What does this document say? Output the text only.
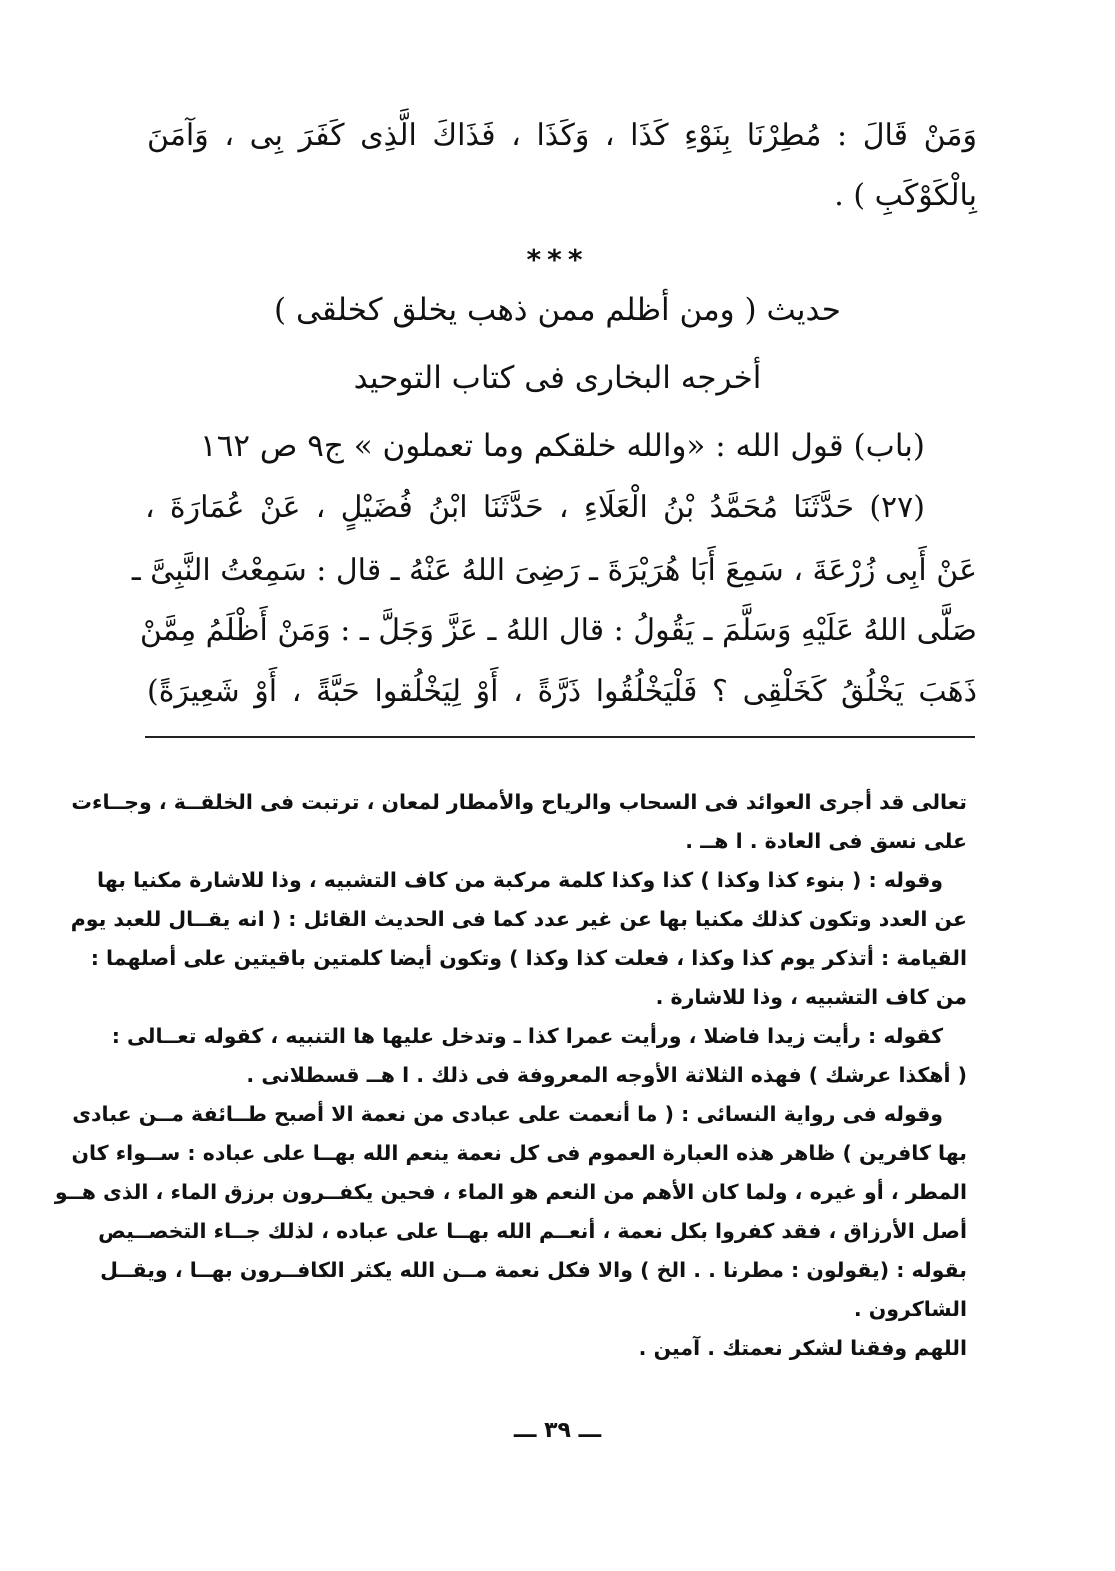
وَمَنْ قَالَ : مُطِرْنَا بِنَوْءِ كَذَا ، وَكَذَا ، فَذَاكَ الَّذِى كَفَرَ بِى ، وَآمَنَ
بِالْكَوْكَبِ ) .
***
حديث ( ومن أظلم ممن ذهب يخلق كخلقى )
أخرجه البخارى فى كتاب التوحيد
(باب) قول الله : «والله خلقكم وما تعملون » ج٩ ص ١٦٢
(٢٧) حَدَّثَنَا مُحَمَّدُ بْنُ الْعَلَاءِ ، حَدَّثَنَا ابْنُ فُضَيْلٍ ، عَنْ عُمَارَةَ ،
عَنْ أَبِى زُرْعَةَ ، سَمِعَ أَبَا هُرَيْرَةَ ـ رَضِىَ اللهُ عَنْهُ ـ قال : سَمِعْتُ النَّبِىَّ ـ
صَلَّى اللهُ عَلَيْهِ وَسَلَّمَ ـ يَقُولُ : قال اللهُ ـ عَزَّ وَجَلَّ ـ : وَمَنْ أَظْلَمُ مِمَّنْ
ذَهَبَ يَخْلُقُ كَخَلْقِى ؟ فَلْيَخْلُقُوا ذَرَّةً ، أَوْ لِيَخْلُقوا حَبَّةً ، أَوْ شَعِيرَةً)
تعالى قد أجرى العوائد فى السحاب والرياح والأمطار لمعان ، ترتبت فى الخلقــة ، وجــاءت
على نسق فى العادة . ا هــ .
وقوله : ( بنوء كذا وكذا ) كذا وكذا كلمة مركبة من كاف التشبيه ، وذا للاشارة مكنيا بها
عن العدد وتكون كذلك مكنيا بها عن غير عدد كما فى الحديث القائل : ( انه يقــال للعبد يوم
القيامة : أتذكر يوم كذا وكذا ، فعلت كذا وكذا ) وتكون أيضا كلمتين باقيتين على أصلهما :
من كاف التشبيه ، وذا للاشارة .
كقوله : رأيت زيدا فاضلا ، ورأيت عمرا كذا ـ وتدخل عليها ها التنبيه ، كقوله تعــالى :
( أهكذا عرشك ) فهذه الثلاثة الأوجه المعروفة فى ذلك . ا هــ قسطلانى .
وقوله فى رواية النسائى : ( ما أنعمت على عبادى من نعمة الا أصبح طــائفة مــن عبادى
بها كافرين ) ظاهر هذه العبارة العموم فى كل نعمة ينعم الله بهــا على عباده : ســواء كان
المطر ، أو غيره ، ولما كان الأهم من النعم هو الماء ، فحين يكفــرون برزق الماء ، الذى هــو
أصل الأرزاق ، فقد كفروا بكل نعمة ، أنعــم الله بهــا على عباده ، لذلك جــاء التخصــيص
بقوله : (يقولون : مطرنا . . الخ ) والا فكل نعمة مــن الله يكثر الكافــرون بهــا ، ويقــل
الشاكرون .
اللهم وفقنا لشكر نعمتك . آمين .
ـــ ٣٩ ـــ
